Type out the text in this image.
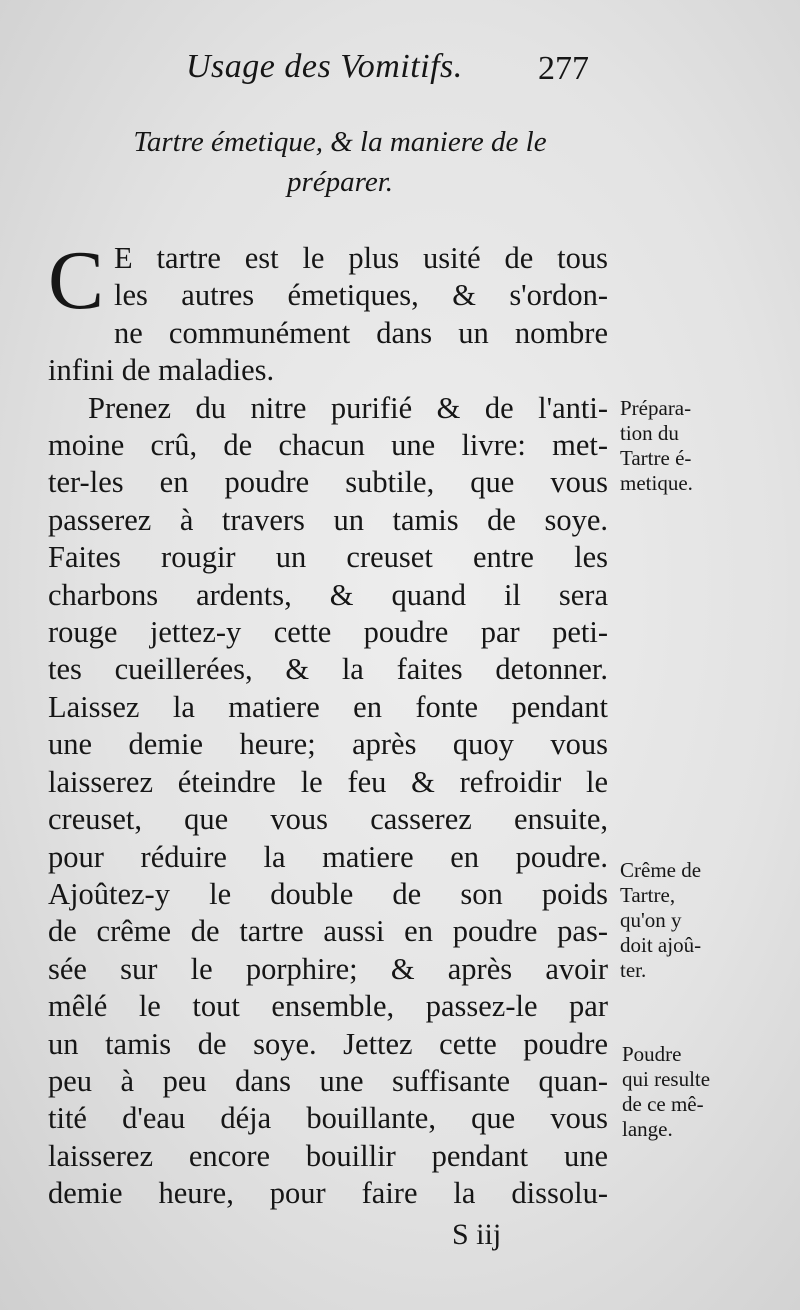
Usage des Vomitifs. 277
Tartre émetique, & la maniere de le
préparer.
C E tartre est le plus usité de tous
les autres émetiques, & s'ordon-
ne communément dans un nombre
infini de maladies.
Prenez du nitre purifié & de l'anti-
moine crû, de chacun une livre: met-
ter-les en poudre subtile, que vous
passerez à travers un tamis de soye.
Faites rougir un creuset entre les
charbons ardents, & quand il sera
rouge jettez-y cette poudre par peti-
tes cueillerées, & la faites detonner.
Laissez la matiere en fonte pendant
une demie heure; après quoy vous
laisserez éteindre le feu & refroidir le
creuset, que vous casserez ensuite,
pour réduire la matiere en poudre.
Ajoûtez-y le double de son poids
de crême de tartre aussi en poudre pas-
sée sur le porphire; & après avoir
mêlé le tout ensemble, passez-le par
un tamis de soye. Jettez cette poudre
peu à peu dans une suffisante quan-
tité d'eau déja bouillante, que vous
laisserez encore bouillir pendant une
demie heure, pour faire la dissolu-
Prépara-
tion du
Tartre é-
metique.
Crême de
Tartre,
qu'on y
doit ajoû-
ter.
Poudre
qui resulte
de ce mê-
lange.
S iij
